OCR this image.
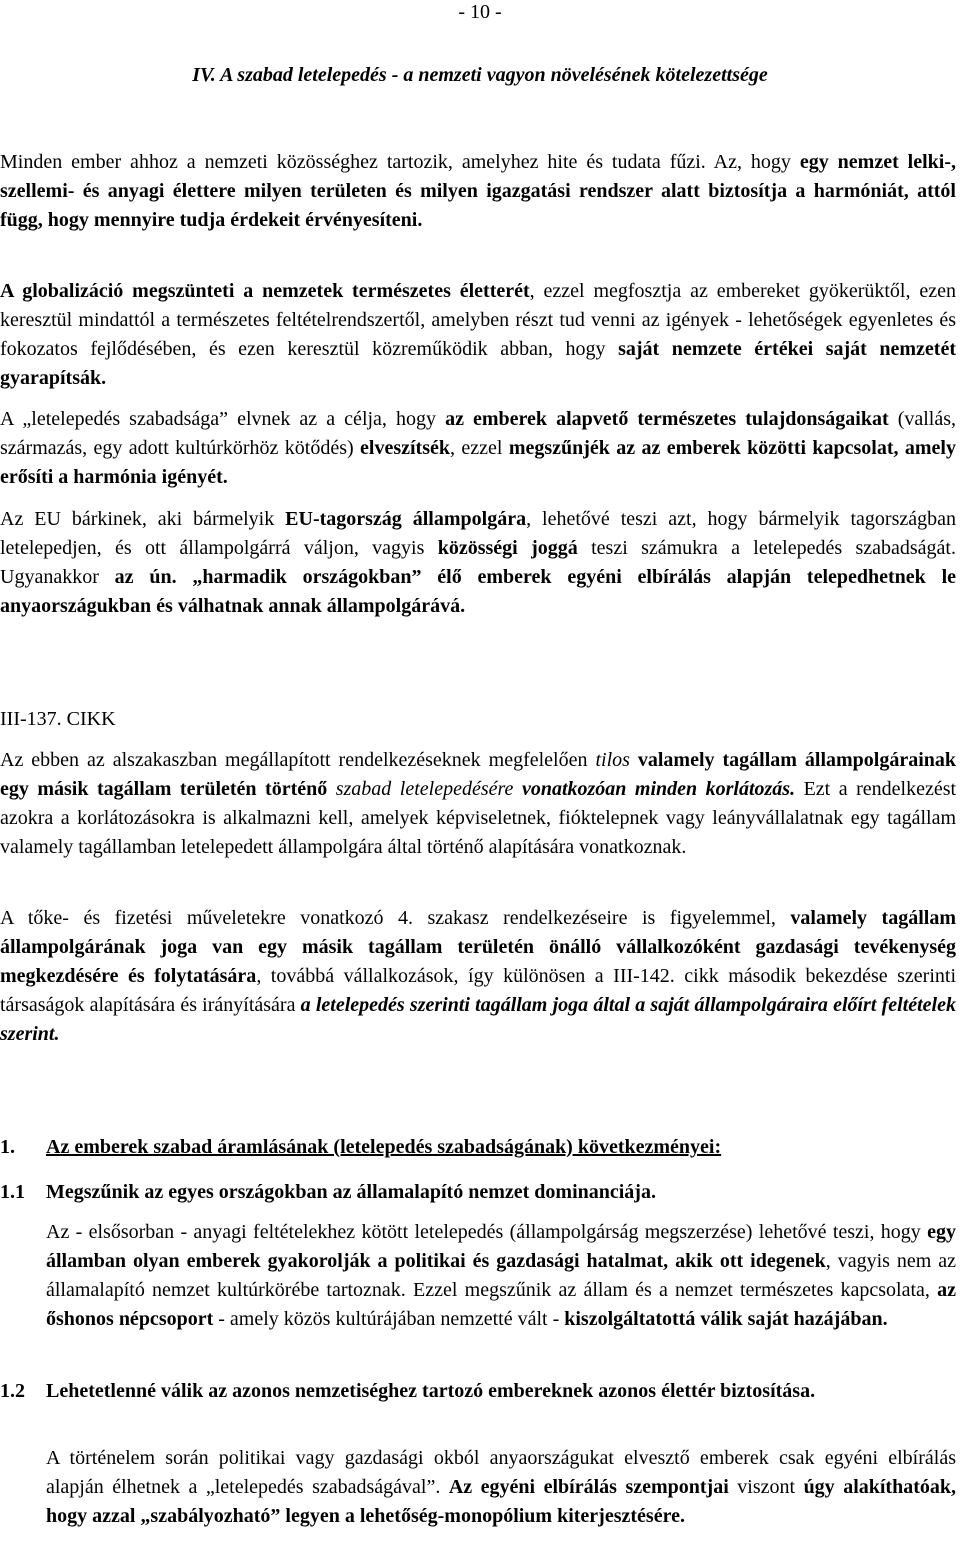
- 10 -

IV. A szabad letelepedés - a nemzeti vagyon növelésének kötelezettsége

Minden ember ahhoz a nemzeti közösséghez tartozik, amelyhez hite és tudata fűzi. Az, hogy egy nemzet lelki-, szellemi- és anyagi élettere milyen területen és milyen igazgatási rendszer alatt biztosítja a harmóniát, attól függ, hogy mennyire tudja érdekeit érvényesíteni.

A globalizáció megszünteti a nemzetek természetes életterét, ezzel megfosztja az embereket gyökerüktől, ezen keresztül mindattól a természetes feltételrendszertől, amelyben részt tud venni az igények - lehetőségek egyenletes és fokozatos fejlődésében, és ezen keresztül közreműködik abban, hogy saját nemzete értékei saját nemzetét gyarapítsák.

A „letelepedés szabadsága” elvnek az a célja, hogy az emberek alapvető természetes tulajdonságaikat (vallás, származás, egy adott kultúrkörhöz kötődés) elveszítsék, ezzel megszűnjék az az emberek közötti kapcsolat, amely erősíti a harmónia igényét.

Az EU bárkinek, aki bármelyik EU-tagország állampolgára, lehetővé teszi azt, hogy bármelyik tagországban letelepedjen, és ott állampolgárrá váljon, vagyis közösségi joggá teszi számukra a letelepedés szabadságát. Ugyanakkor az ún. „harmadik országokban” élő emberek egyéni elbírálás alapján telepedhetnek le anyaországukban és válhatnak annak állampolgárává.

III-137. CIKK

Az ebben az alszakaszban megállapított rendelkezéseknek megfelelően tilos valamely tagállam állampolgárainak egy másik tagállam területén történő szabad letelepedésére vonatkozóan minden korlátozás. Ezt a rendelkezést azokra a korlátozásokra is alkalmazni kell, amelyek képviseletnek, fióktelepnek vagy leányvállalatnak egy tagállam valamely tagállamban letelepedett állampolgára által történő alapítására vonatkoznak.

A tőke- és fizetési műveletekre vonatkozó 4. szakasz rendelkezéseire is figyelemmel, valamely tagállam állampolgárának joga van egy másik tagállam területén önálló vállalkozóként gazdasági tevékenység megkezdésére és folytatására, továbbá vállalkozások, így különösen a III-142. cikk második bekezdése szerinti társaságok alapítására és irányítására a letelepedés szerinti tagállam joga által a saját állampolgáraira előírt feltételek szerint.

1. Az emberek szabad áramlásának (letelepedés szabadságának) következményei:

1.1 Megszűnik az egyes országokban az államalapító nemzet dominanciája.

Az - elsősorban - anyagi feltételekhez kötött letelepedés (állampolgárság megszerzése) lehetővé teszi, hogy egy államban olyan emberek gyakorolják a politikai és gazdasági hatalmat, akik ott idegenek, vagyis nem az államalapító nemzet kultúrkörébe tartoznak. Ezzel megszűnik az állam és a nemzet természetes kapcsolata, az őshonos népcsoport - amely közös kultúrájában nemzetté vált - kiszolgáltatottá válik saját hazájában.

1.2 Lehetetlenné válik az azonos nemzetiséghez tartozó embereknek azonos élettér biztosítása.

A történelem során politikai vagy gazdasági okból anyaországukat elvesztő emberek csak egyéni elbírálás alapján élhetnek a „letelepedés szabadságával”. Az egyéni elbírálás szempontjai viszont úgy alakíthatóak, hogy azzal „szabályozható” legyen a lehetőség-monopólium kiterjesztésére.
